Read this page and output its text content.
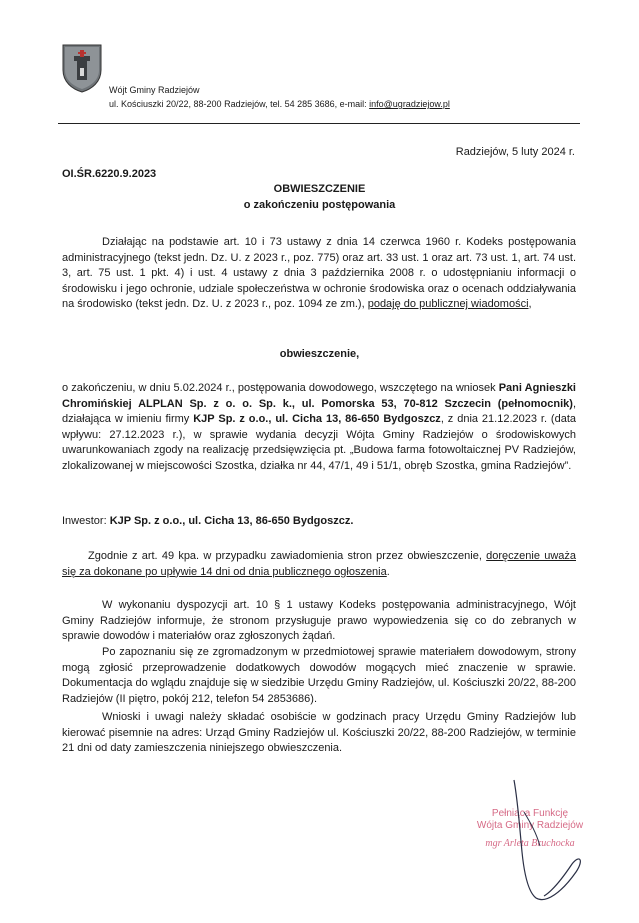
Wójt Gminy Radziejów
ul. Kościuszki 20/22, 88-200 Radziejów, tel. 54 285 3686, e-mail: info@ugradziejow.pl
Radziejów, 5 luty 2024 r.
OI.ŚR.6220.9.2023
OBWIESZCZENIE
o zakończeniu postępowania

Działając na podstawie art. 10 i 73 ustawy z dnia 14 czerwca 1960 r. Kodeks postępowania administracyjnego (tekst jedn. Dz. U. z 2023 r., poz. 775) oraz art. 33 ust. 1 oraz art. 73 ust. 1, art. 74 ust. 3, art. 75 ust. 1 pkt. 4) i ust. 4 ustawy z dnia 3 października 2008 r. o udostępnianiu informacji o środowisku i jego ochronie, udziale społeczeństwa w ochronie środowiska oraz o ocenach oddziaływania na środowisko (tekst jedn. Dz. U. z 2023 r., poz. 1094 ze zm.), podaję do publicznej wiadomości,

obwieszczenie,

o zakończeniu, w dniu 5.02.2024 r., postępowania dowodowego, wszczętego na wniosek Pani Agnieszki Chromińskiej ALPLAN Sp. z o. o. Sp. k., ul. Pomorska 53, 70-812 Szczecin (pełnomocnik), działająca w imieniu firmy KJP Sp. z o.o., ul. Cicha 13, 86-650 Bydgoszcz, z dnia 21.12.2023 r. (data wpływu: 27.12.2023 r.), w sprawie wydania decyzji Wójta Gminy Radziejów o środowiskowych uwarunkowaniach zgody na realizację przedsięwzięcia pt. „Budowa farma fotowoltaicznej PV Radziejów, zlokalizowanej w miejscowości Szostka, działka nr 44, 47/1, 49 i 51/1, obręb Szostka, gmina Radziejów”.

Inwestor: KJP Sp. z o.o., ul. Cicha 13, 86-650 Bydgoszcz.

Zgodnie z art. 49 kpa. w przypadku zawiadomienia stron przez obwieszczenie, doręczenie uważa się za dokonane po upływie 14 dni od dnia publicznego ogłoszenia.

W wykonaniu dyspozycji art. 10 § 1 ustawy Kodeks postępowania administracyjnego, Wójt Gminy Radziejów informuje, że stronom przysługuje prawo wypowiedzenia się co do zebranych w sprawie dowodów i materiałów oraz zgłoszonych żądań.

Po zapoznaniu się ze zgromadzonym w przedmiotowej sprawie materiałem dowodowym, strony mogą zgłosić przeprowadzenie dodatkowych dowodów mogących mieć znaczenie w sprawie. Dokumentacja do wglądu znajduje się w siedzibie Urzędu Gminy Radziejów, ul. Kościuszki 20/22, 88-200 Radziejów (II piętro, pokój 212, telefon 54 2853686).

Wnioski i uwagi należy składać osobiście w godzinach pracy Urzędu Gminy Radziejów lub kierować pisemnie na adres: Urząd Gminy Radziejów ul. Kościuszki 20/22, 88-200 Radziejów, w terminie 21 dni od daty zamieszczenia niniejszego obwieszczenia.

Pełniąca Funkcję
Wójta Gminy Radziejów
mgr Arleta Bruchocka
